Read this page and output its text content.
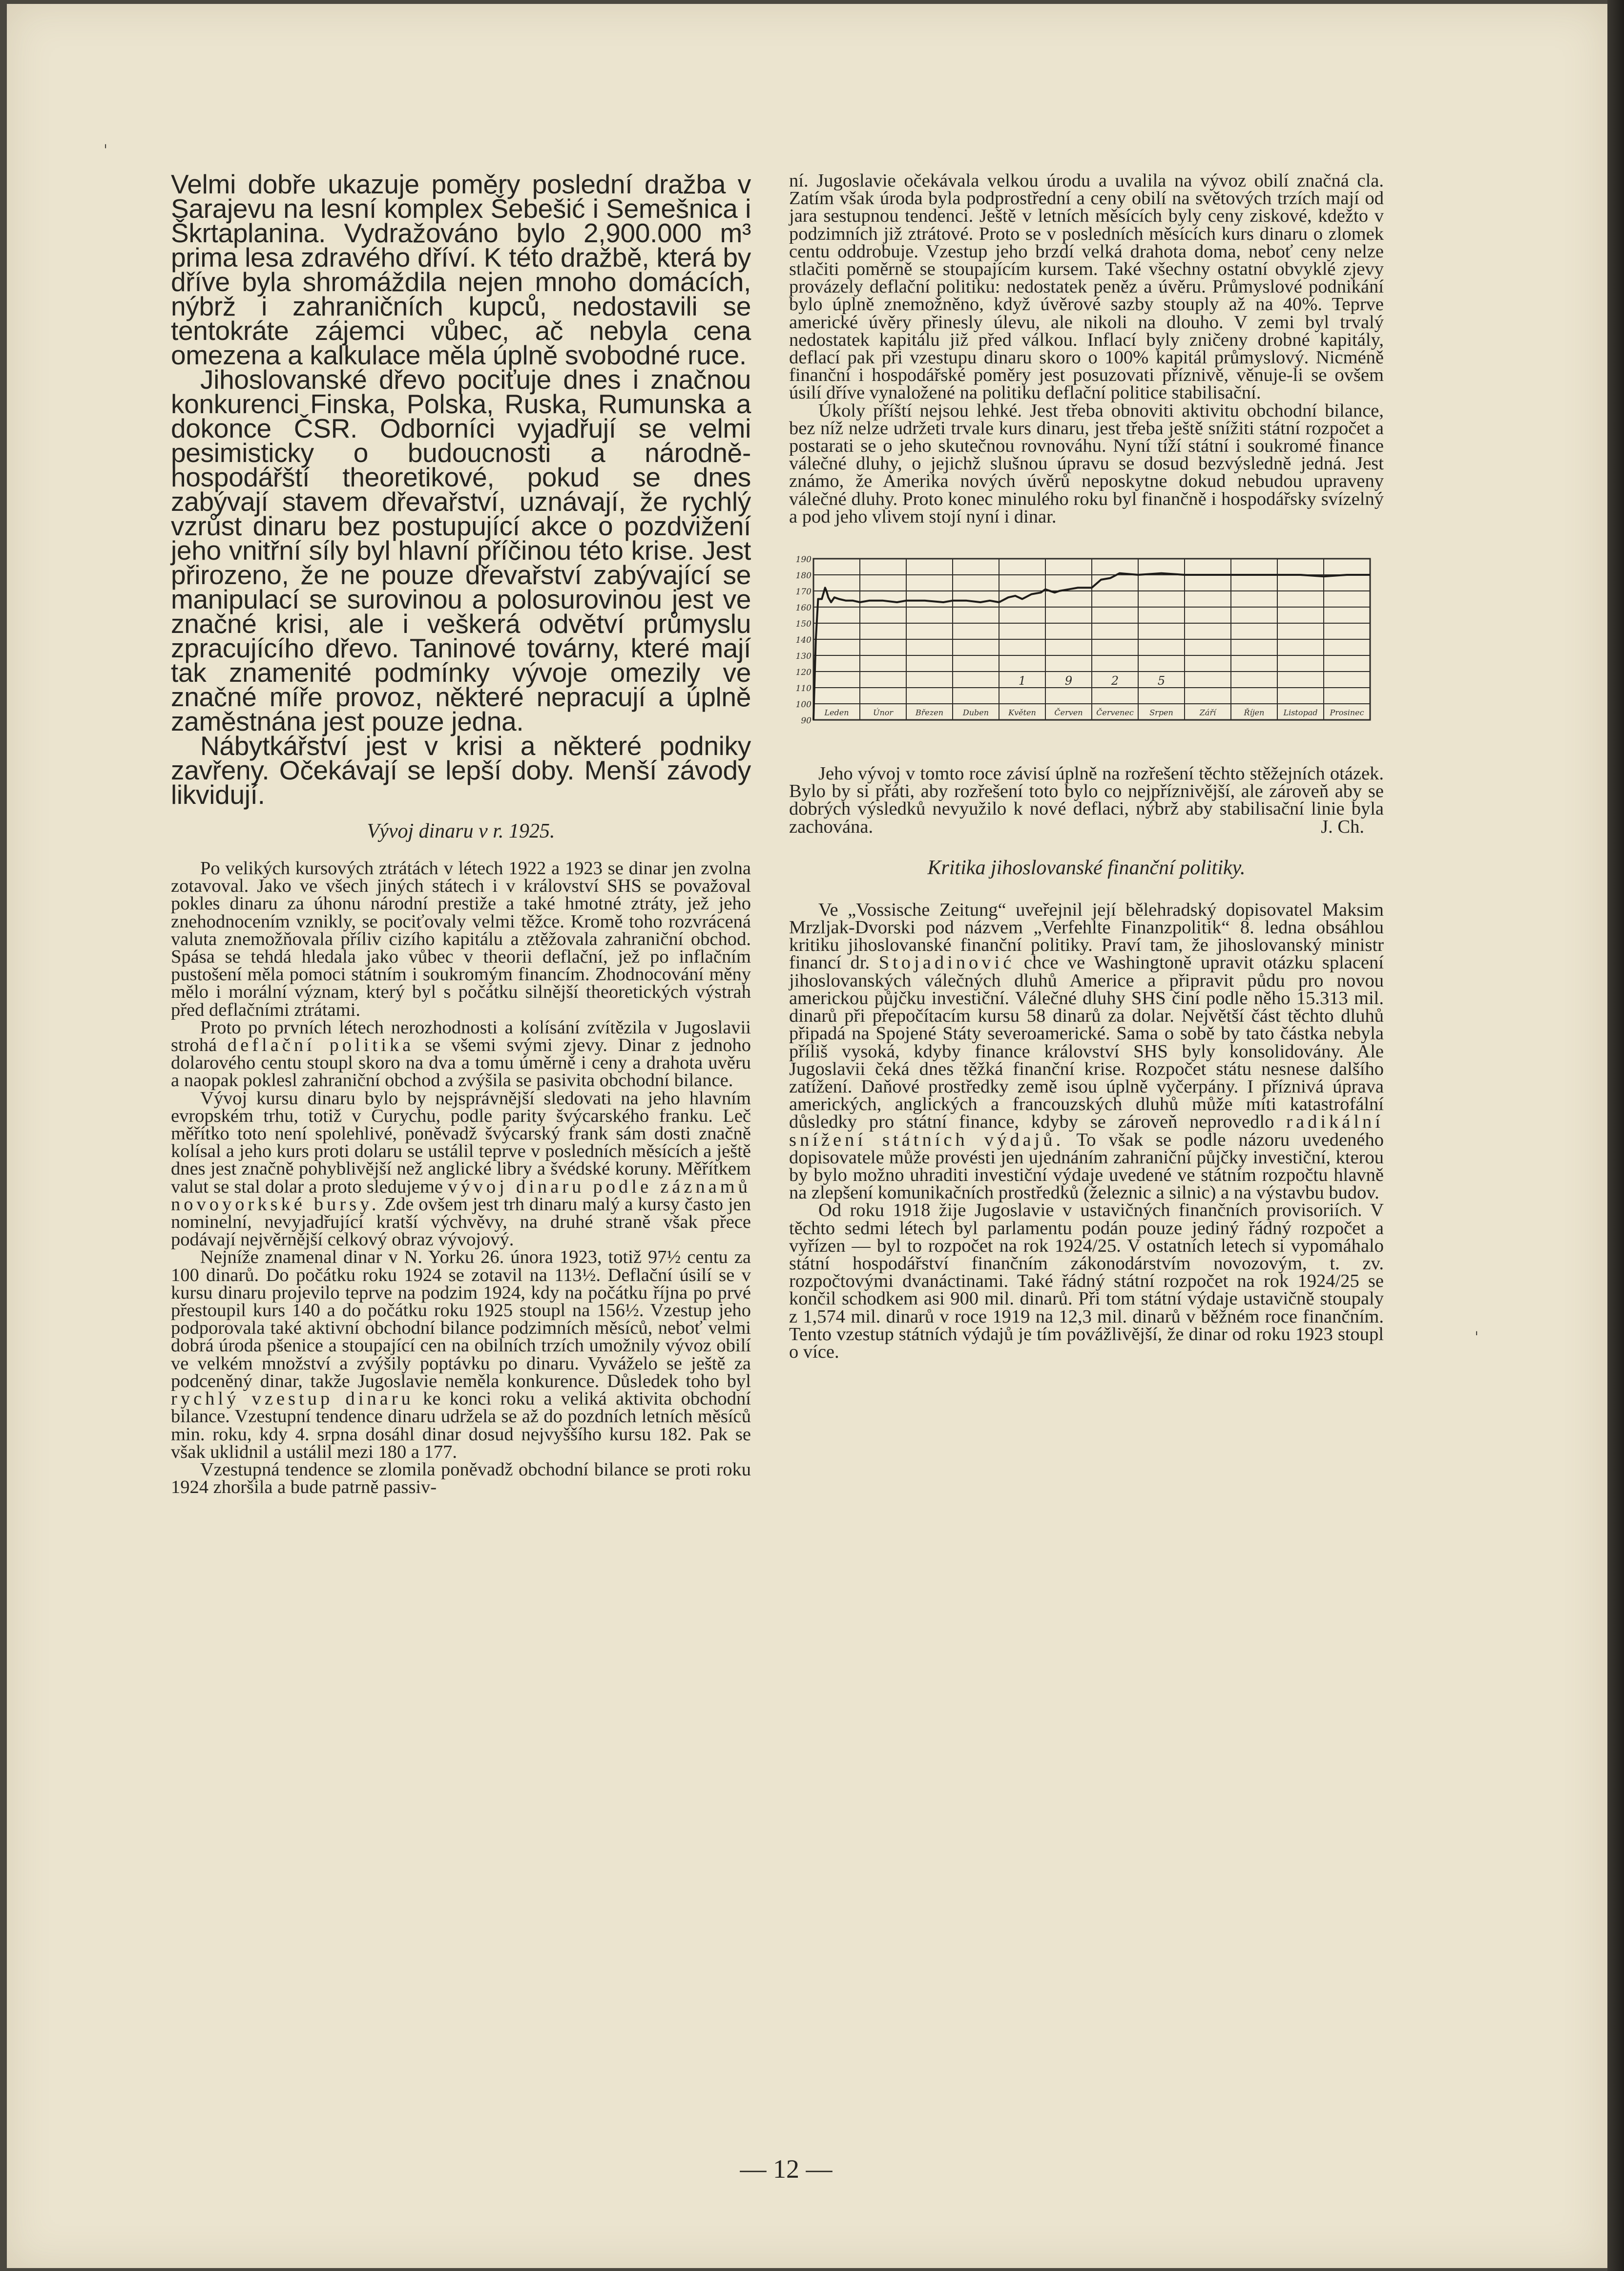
ˌ
ˈ

Velmi dobře ukazuje poměry poslední dražba v Sarajevu na lesní komplex Šebešić i Semešnica i Škrtaplanina. Vydražováno bylo 2,900.000 m³ prima lesa zdravého dříví. K této dražbě, která by dříve byla shromáždila nejen mnoho domácích, nýbrž i zahraničních kupců, nedostavili se tentokráte zájemci vůbec, ač nebyla cena omezena a kalkulace měla úplně svobodné ruce.

Jihoslovanské dřevo pociťuje dnes i značnou konkurenci Finska, Polska, Ruska, Rumunska a dokonce ČSR. Odborníci vyjadřují se velmi pesimisticky o budoucnosti a národně-hospodářští theoretikové, pokud se dnes zabývají stavem dřevařství, uznávají, že rychlý vzrůst dinaru bez postupující akce o pozdvižení jeho vnitřní síly byl hlavní příčinou této krise. Jest přirozeno, že ne pouze dřevařství zabývající se manipulací se surovinou a polosurovinou jest ve značné krisi, ale i veškerá odvětví průmyslu zpracujícího dřevo. Taninové továrny, které mají tak znamenité podmínky vývoje omezily ve značné míře provoz, některé nepracují a úplně zaměstnána jest pouze jedna.

Nábytkářství jest v krisi a některé podniky zavřeny. Očekávají se lepší doby. Menší závody likvidují.

Vývoj dinaru v r. 1925.

Po velikých kursových ztrátách v létech 1922 a 1923 se dinar jen zvolna zotavoval. Jako ve všech jiných státech i v království SHS se považoval pokles dinaru za úhonu národní prestiže a také hmotné ztráty, jež jeho znehodnocením vznikly, se pociťovaly velmi těžce. Kromě toho rozvrácená valuta znemožňovala příliv cizího kapitálu a ztěžovala zahraniční obchod. Spása se tehdá hledala jako vůbec v theorii deflační, jež po inflačním pustošení měla pomoci státním i soukromým financím. Zhodnocování měny mělo i morální význam, který byl s počátku silnější theoretických výstrah před deflačními ztrátami.

Proto po prvních létech nerozhodnosti a kolísání zvítězila v Jugoslavii strohá deflační politika se všemi svými zjevy. Dinar z jednoho dolarového centu stoupl skoro na dva a tomu úměrně i ceny a drahota uvěru a naopak poklesl zahraniční obchod a zvýšila se pasivita obchodní bilance.

Vývoj kursu dinaru bylo by nejsprávnější sledovati na jeho hlavním evropském trhu, totiž v Curychu, podle parity švýcarského franku. Leč měřítko toto není spolehlivé, poněvadž švýcarský frank sám dosti značně kolísal a jeho kurs proti dolaru se ustálil teprve v posledních měsících a ještě dnes jest značně pohyblivější než anglické libry a švédské koruny. Měřítkem valut se stal dolar a proto sledujeme vývoj dinaru podle záznamů novoyorkské bursy. Zde ovšem jest trh dinaru malý a kursy často jen nominelní, nevyjadřující kratší výchvěvy, na druhé straně však přece podávají nejvěrnější celkový obraz vývojový.

Nejníže znamenal dinar v N. Yorku 26. února 1923, totiž 97½ centu za 100 dinarů. Do počátku roku 1924 se zotavil na 113½. Deflační úsilí se v kursu dinaru projevilo teprve na podzim 1924, kdy na počátku října po prvé přestoupil kurs 140 a do počátku roku 1925 stoupl na 156½. Vzestup jeho podporovala také aktivní obchodní bilance podzimních měsíců, neboť velmi dobrá úroda pšenice a stoupající cen na obilních trzích umožnily vývoz obilí ve velkém množství a zvýšily poptávku po dinaru. Vyváželo se ještě za podceněný dinar, takže Jugoslavie neměla konkurence. Důsledek toho byl rychlý vzestup dinaru ke konci roku a veliká aktivita obchodní bilance. Vzestupní tendence dinaru udržela se až do pozdních letních měsíců min. roku, kdy 4. srpna dosáhl dinar dosud nejvyššího kursu 182. Pak se však uklidnil a ustálil mezi 180 a 177.

Vzestupná tendence se zlomila poněvadž obchodní bilance se proti roku 1924 zhoršila a bude patrně passiv-

ní. Jugoslavie očekávala velkou úrodu a uvalila na vývoz obilí značná cla. Zatím však úroda byla podprostřední a ceny obilí na světových trzích mají od jara sestupnou tendenci. Ještě v letních měsících byly ceny ziskové, kdežto v podzimních již ztrátové. Proto se v posledních měsících kurs dinaru o zlomek centu oddrobuje. Vzestup jeho brzdí velká drahota doma, neboť ceny nelze stlačiti poměrně se stoupajícím kursem. Také všechny ostatní obvyklé zjevy provázely deflační politiku: nedostatek peněz a úvěru. Průmyslové podnikání bylo úplně znemožněno, když úvěrové sazby stouply až na 40%. Teprve americké úvěry přinesly úlevu, ale nikoli na dlouho. V zemi byl trvalý nedostatek kapitálu již před válkou. Inflací byly zničeny drobné kapitály, deflací pak při vzestupu dinaru skoro o 100% kapitál průmyslový. Nicméně finanční i hospodářské poměry jest posuzovati příznivě, věnuje-li se ovšem úsilí dříve vynaložené na politiku deflační politice stabilisační.

Úkoly příští nejsou lehké. Jest třeba obnoviti aktivitu obchodní bilance, bez níž nelze udržeti trvale kurs dinaru, jest třeba ještě snížiti státní rozpočet a postarati se o jeho skutečnou rovnováhu. Nyní tíží státní i soukromé finance válečné dluhy, o jejichž slušnou úpravu se dosud bezvýsledně jedná. Jest známo, že Amerika nových úvěrů neposkytne dokud nebudou upraveny válečné dluhy. Proto konec minulého roku byl finančně i hospodářsky svízelný a pod jeho vlivem stojí nyní i dinar.

190
180
170
160
150
140
130
120
110
100
90
Leden	Únor	Březen Duben	Květen Červen Červenec Srpen	Září	Říjen Listopad Prosinec
1	9	2	5

Jeho vývoj v tomto roce závisí úplně na rozřešení těchto stěžejních otázek. Bylo by si přáti, aby rozřešení toto bylo co nejpříznivější, ale zároveň aby se dobrých výsledků nevyužilo k nové deflaci, nýbrž aby stabilisační linie byla zachována.	J. Ch.

Kritika jihoslovanské finanční politiky.

Ve „Vossische Zeitung“ uveřejnil její bělehradský dopisovatel Maksim Mrzljak-Dvorski pod názvem „Verfehlte Finanzpolitik“ 8. ledna obsáhlou kritiku jihoslovanské finanční politiky. Praví tam, že jihoslovanský ministr financí dr. Stojadinović chce ve Washingtoně upravit otázku splacení jihoslovanských válečných dluhů Americe a připravit půdu pro novou americkou půjčku investiční. Válečné dluhy SHS činí podle něho 15.313 mil. dinarů při přepočítacím kursu 58 dinarů za dolar. Největší část těchto dluhů připadá na Spojené Státy severoamerické. Sama o sobě by tato částka nebyla příliš vysoká, kdyby finance království SHS byly konsolidovány. Ale Jugoslavii čeká dnes těžká finanční krise. Rozpočet státu nesnese dalšího zatížení. Daňové prostředky země isou úplně vyčerpány. I příznivá úprava amerických, anglických a francouzských dluhů může míti katastrofální důsledky pro státní finance, kdyby se zároveň neprovedlo radikální snížení státních výdajů. To však se podle názoru uvedeného dopisovatele může provésti jen ujednáním zahraniční půjčky investiční, kterou by bylo možno uhraditi investiční výdaje uvedené ve státním rozpočtu hlavně na zlepšení komunikačních prostředků (železnic a silnic) a na výstavbu budov.

Od roku 1918 žije Jugoslavie v ustavičných finančních provisoriích. V těchto sedmi létech byl parlamentu podán pouze jediný řádný rozpočet a vyřízen — byl to rozpočet na rok 1924/25. V ostatních letech si vypomáhalo státní hospodářství finančním zákonodárstvím novozovým, t. zv. rozpočtovými dvanáctinami. Také řádný státní rozpočet na rok 1924/25 se končil schodkem asi 900 mil. dinarů. Při tom státní výdaje ustavičně stoupaly z 1,574 mil. dinarů v roce 1919 na 12,3 mil. dinarů v běžném roce finančním. Tento vzestup státních výdajů je tím povážlivější, že dinar od roku 1923 stoupl o více.

— 12 —
